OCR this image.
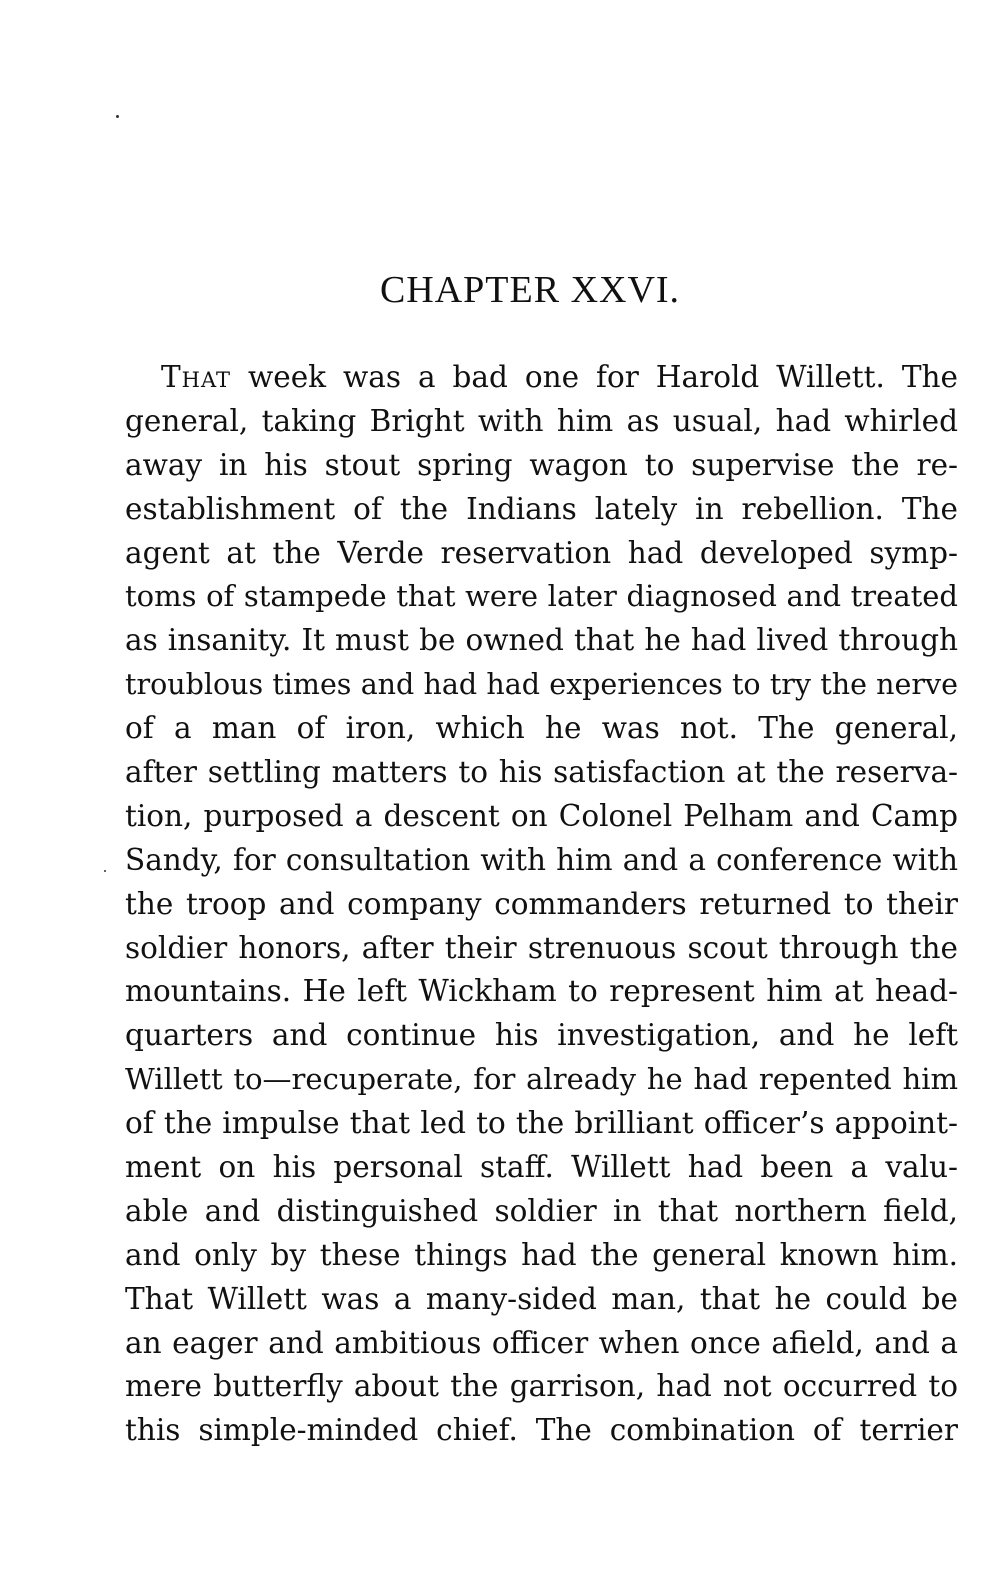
CHAPTER XXVI.
That week was a bad one for Harold Willett. The
general, taking Bright with him as usual, had whirled
away in his stout spring wagon to supervise the re-
establishment of the Indians lately in rebellion. The
agent at the Verde reservation had developed symp-
toms of stampede that were later diagnosed and treated
as insanity. It must be owned that he had lived through
troublous times and had had experiences to try the nerve
of a man of iron, which he was not. The general,
after settling matters to his satisfaction at the reserva-
tion, purposed a descent on Colonel Pelham and Camp
Sandy, for consultation with him and a conference with
the troop and company commanders returned to their
soldier honors, after their strenuous scout through the
mountains. He left Wickham to represent him at head-
quarters and continue his investigation, and he left
Willett to—recuperate, for already he had repented him
of the impulse that led to the brilliant officer’s appoint-
ment on his personal staff. Willett had been a valu-
able and distinguished soldier in that northern field,
and only by these things had the general known him.
That Willett was a many-sided man, that he could be
an eager and ambitious officer when once afield, and a
mere butterfly about the garrison, had not occurred to
this simple-minded chief. The combination of terrier
